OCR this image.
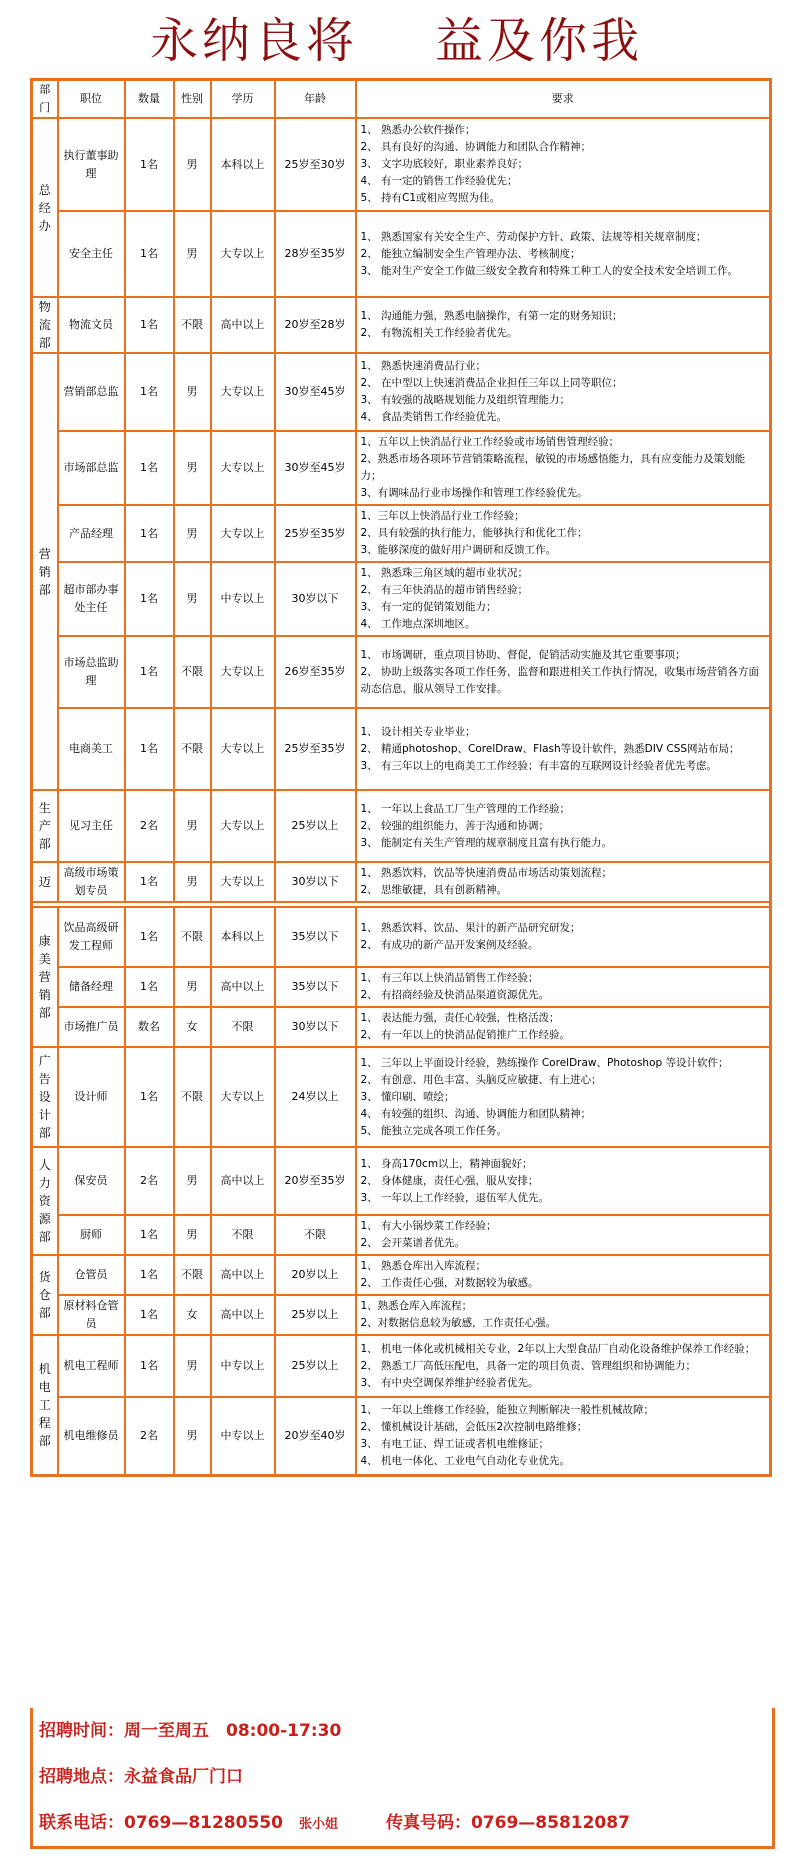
永纳良将    益及你我
部门	职位	数量	性别	学历	年龄	要求
总经办	执行董事助理	1名	男	本科以上	25岁至30岁	1、 熟悉办公软件操作；
2、 具有良好的沟通、协调能力和团队合作精神；
3、 文字功底较好，职业素养良好；
4、 有一定的销售工作经验优先；
5、 持有C1或相应驾照为佳。

	安全主任	1名	男	大专以上	28岁至35岁	1、 熟悉国家有关安全生产、劳动保护方针、政策、法规等相关规章制度；
2、 能独立编制安全生产管理办法、考核制度；
3、 能对生产安全工作做三级安全教育和特殊工种工人的安全技术安全培训工作。

物流部	物流文员	1名	不限	高中以上	20岁至28岁	1、 沟通能力强，熟悉电脑操作，有第一定的财务知识；
2、 有物流相关工作经验者优先。

营销部	营销部总监	1名	男	大专以上	30岁至45岁	1、 熟悉快速消费品行业；
2、 在中型以上快速消费品企业担任三年以上同等职位；
3、 有较强的战略规划能力及组织管理能力；
4、 食品类销售工作经验优先。

	市场部总监	1名	男	大专以上	30岁至45岁	1、五年以上快消品行业工作经验或市场销售管理经验；
2、熟悉市场各项环节营销策略流程，敏锐的市场感悟能力，具有应变能力及策划能力；
3、有调味品行业市场操作和管理工作经验优先。

	产品经理	1名	男	大专以上	25岁至35岁	1、三年以上快消品行业工作经验；
2、具有较强的执行能力，能够执行和优化工作；
3、能够深度的做好用户调研和反馈工作。

	超市部办事处主任	1名	男	中专以上	30岁以下	1、 熟悉珠三角区域的超市业状况；
2、 有三年快消品的超市销售经验；
3、 有一定的促销策划能力；
4、 工作地点深圳地区。

	市场总监助理	1名	不限	大专以上	26岁至35岁	1、 市场调研，重点项目协助、督促，促销活动实施及其它重要事项；
2、 协助上级落实各项工作任务，监督和跟进相关工作执行情况，收集市场营销各方面动态信息，服从领导工作安排。

	电商美工	1名	不限	大专以上	25岁至35岁	1、 设计相关专业毕业；
2、 精通photoshop、CorelDraw、Flash等设计软件，熟悉DIV CSS网站布局；
3、 有三年以上的电商美工工作经验；有丰富的互联网设计经验者优先考虑。

生产部	见习主任	2名	男	大专以上	25岁以上	1、 一年以上食品工厂生产管理的工作经验；
2、 较强的组织能力，善于沟通和协调；
3、 能制定有关生产管理的规章制度且富有执行能力。

迈	高级市场策划专员	1名	男	大专以上	30岁以下	1、 熟悉饮料，饮品等快速消费品市场活动策划流程；
2、 思维敏捷，具有创新精神。

康美营销部	饮品高级研发工程师	1名	不限	本科以上	35岁以下	1、 熟悉饮料、饮品、果汁的新产品研究研发；
2、 有成功的新产品开发案例及经验。

	储备经理	1名	男	高中以上	35岁以下	1、 有三年以上快消品销售工作经验；
2、 有招商经验及快消品渠道资源优先。

	市场推广员	数名	女	不限	30岁以下	1、 表达能力强，责任心较强，性格活泼；
2、 有一年以上的快消品促销推广工作经验。

广告设计部	设计师	1名	不限	大专以上	24岁以上	1、 三年以上平面设计经验，熟练操作 CorelDraw、Photoshop 等设计软件；
2、 有创意、用色丰富、头脑反应敏捷、有上进心；
3、 懂印刷、喷绘；
4、 有较强的组织、沟通、协调能力和团队精神；
5、 能独立完成各项工作任务。

人力资源部	保安员	2名	男	高中以上	20岁至35岁	1、 身高170cm以上，精神面貌好；
2、 身体健康，责任心强，服从安排；
3、 一年以上工作经验，退伍军人优先。

	厨师	1名	男	不限	不限	1、 有大小锅炒菜工作经验；
2、 会开菜谱者优先。

货仓部	仓管员	1名	不限	高中以上	20岁以上	1、 熟悉仓库出入库流程；
2、 工作责任心强，对数据较为敏感。

	原材料仓管员	1名	女	高中以上	25岁以上	1、熟悉仓库入库流程；
2、对数据信息较为敏感，工作责任心强。

机电工程部	机电工程师	1名	男	中专以上	25岁以上	1、 机电一体化或机械相关专业，2年以上大型食品厂自动化设备维护保养工作经验；
2、 熟悉工厂高低压配电，具备一定的项目负责、管理组织和协调能力；
3、 有中央空调保养维护经验者优先。

	机电维修员	2名	男	中专以上	20岁至40岁	1、 一年以上维修工作经验，能独立判断解决一般性机械故障；
2、 懂机械设计基础，会低压2次控制电路维修；
3、 有电工证、焊工证或者机电维修证；
4、 机电一体化、工业电气自动化专业优先。
招聘时间：周一至周五　08:00-17:30
招聘地点：永益食品厂门口
联系电话：0769—81280550 张小姐	传真号码：0769—85812087
